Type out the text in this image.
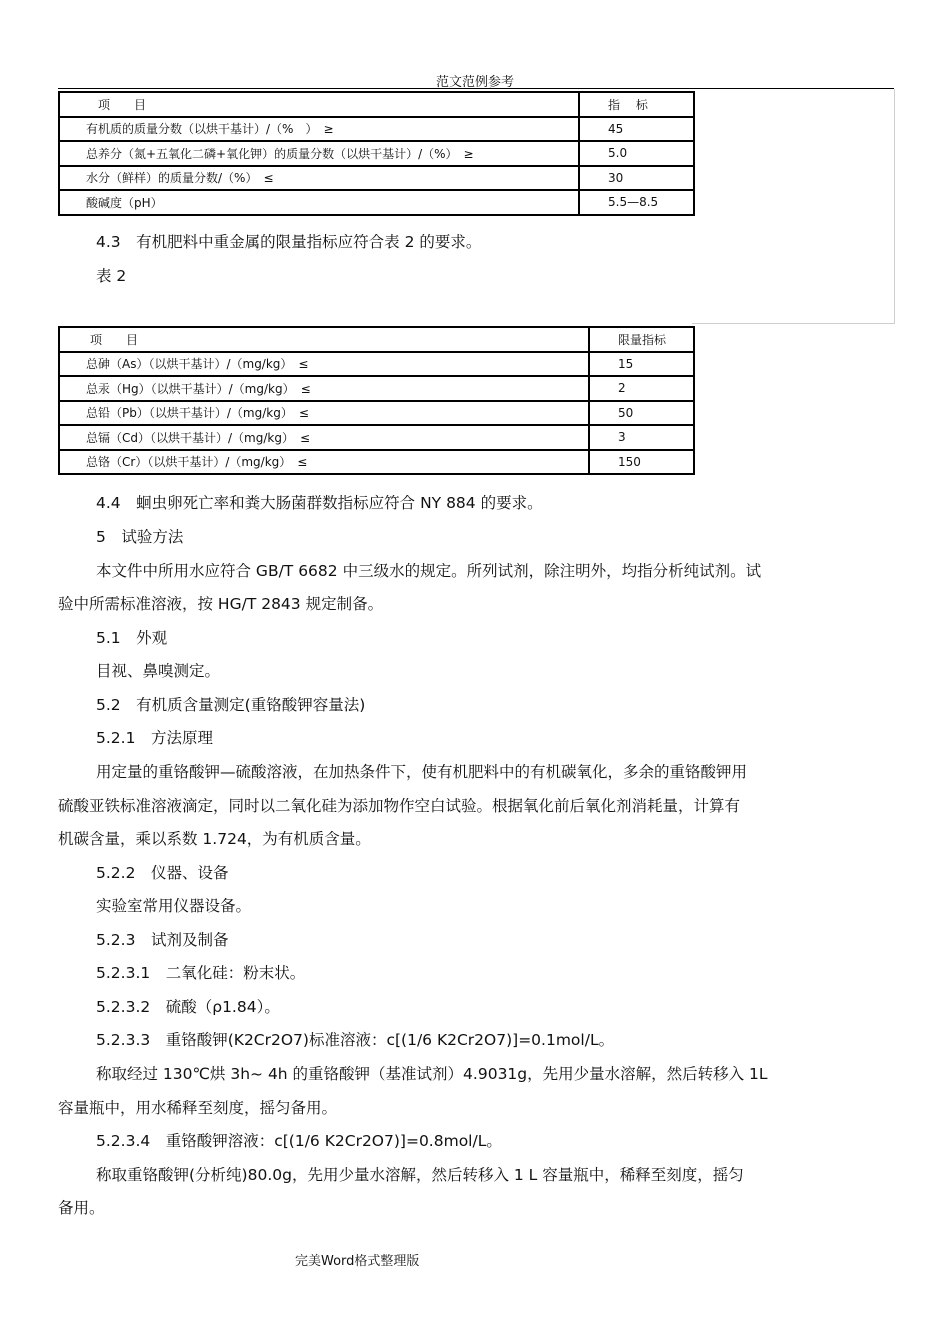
范文范例参考
项　　目	指　 标
有机质的质量分数（以烘干基计）/（%　）　≥	45
总养分（氮+五氧化二磷+氧化钾）的质量分数（以烘干基计）/（%）　≥	5.0
水分（鲜样）的质量分数/（%）　≤	30
酸碱度（pH）	5.5—8.5
4.3　有机肥料中重金属的限量指标应符合表 2 的要求。
表 2
项　　目	限量指标
总砷（As）（以烘干基计）/（mg/kg）　≤	15
总汞（Hg）（以烘干基计）/（mg/kg）　≤	2
总铅（Pb）（以烘干基计）/（mg/kg）　≤	50
总镉（Cd）（以烘干基计）/（mg/kg）　≤	3
总铬（Cr）（以烘干基计）/（mg/kg）　≤	150
4.4　蛔虫卵死亡率和粪大肠菌群数指标应符合 NY 884 的要求。
5　试验方法
本文件中所用水应符合 GB/T 6682 中三级水的规定。所列试剂，除注明外，均指分析纯试剂。试
验中所需标准溶液，按 HG/T 2843 规定制备。
5.1　外观
目视、鼻嗅测定。
5.2　有机质含量测定(重铬酸钾容量法)
5.2.1　方法原理
用定量的重铬酸钾—硫酸溶液，在加热条件下，使有机肥料中的有机碳氧化，多余的重铬酸钾用
硫酸亚铁标准溶液滴定，同时以二氧化硅为添加物作空白试验。根据氧化前后氧化剂消耗量，计算有
机碳含量，乘以系数 1.724，为有机质含量。
5.2.2　仪器、设备
实验室常用仪器设备。
5.2.3　试剂及制备
5.2.3.1　二氧化硅：粉末状。
5.2.3.2　硫酸（ρ1.84）。
5.2.3.3　重铬酸钾(K2Cr2O7)标准溶液：c[(1/6 K2Cr2O7)]=0.1mol/L。
称取经过 130℃烘 3h~ 4h 的重铬酸钾（基准试剂）4.9031g，先用少量水溶解，然后转移入 1L
容量瓶中，用水稀释至刻度，摇匀备用。
5.2.3.4　重铬酸钾溶液：c[(1/6 K2Cr2O7)]=0.8mol/L。
称取重铬酸钾(分析纯)80.0g，先用少量水溶解，然后转移入 1 L 容量瓶中，稀释至刻度，摇匀
备用。
完美Word格式整理版
